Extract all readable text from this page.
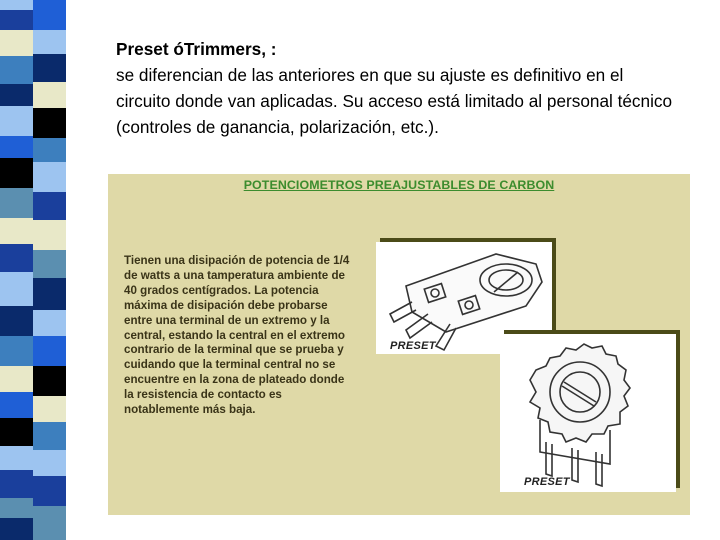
Preset óTrimmers, :
se diferencian de las anteriores en que su ajuste es definitivo en el circuito donde van aplicadas. Su acceso está limitado al personal técnico (controles de ganancia, polarización, etc.).
POTENCIOMETROS PREAJUSTABLES DE CARBON
Tienen una disipación de potencia de 1/4 de watts a una tamperatura ambiente de 40 grados centígrados. La potencia máxima de disipación debe probarse entre una terminal de un extremo y la central, estando la central en el extremo contrario de la terminal que se prueba y cuidando que la terminal central no se encuentre en la zona de plateado donde la resistencia de contacto es notablemente más baja.
PRESET
PRESET
